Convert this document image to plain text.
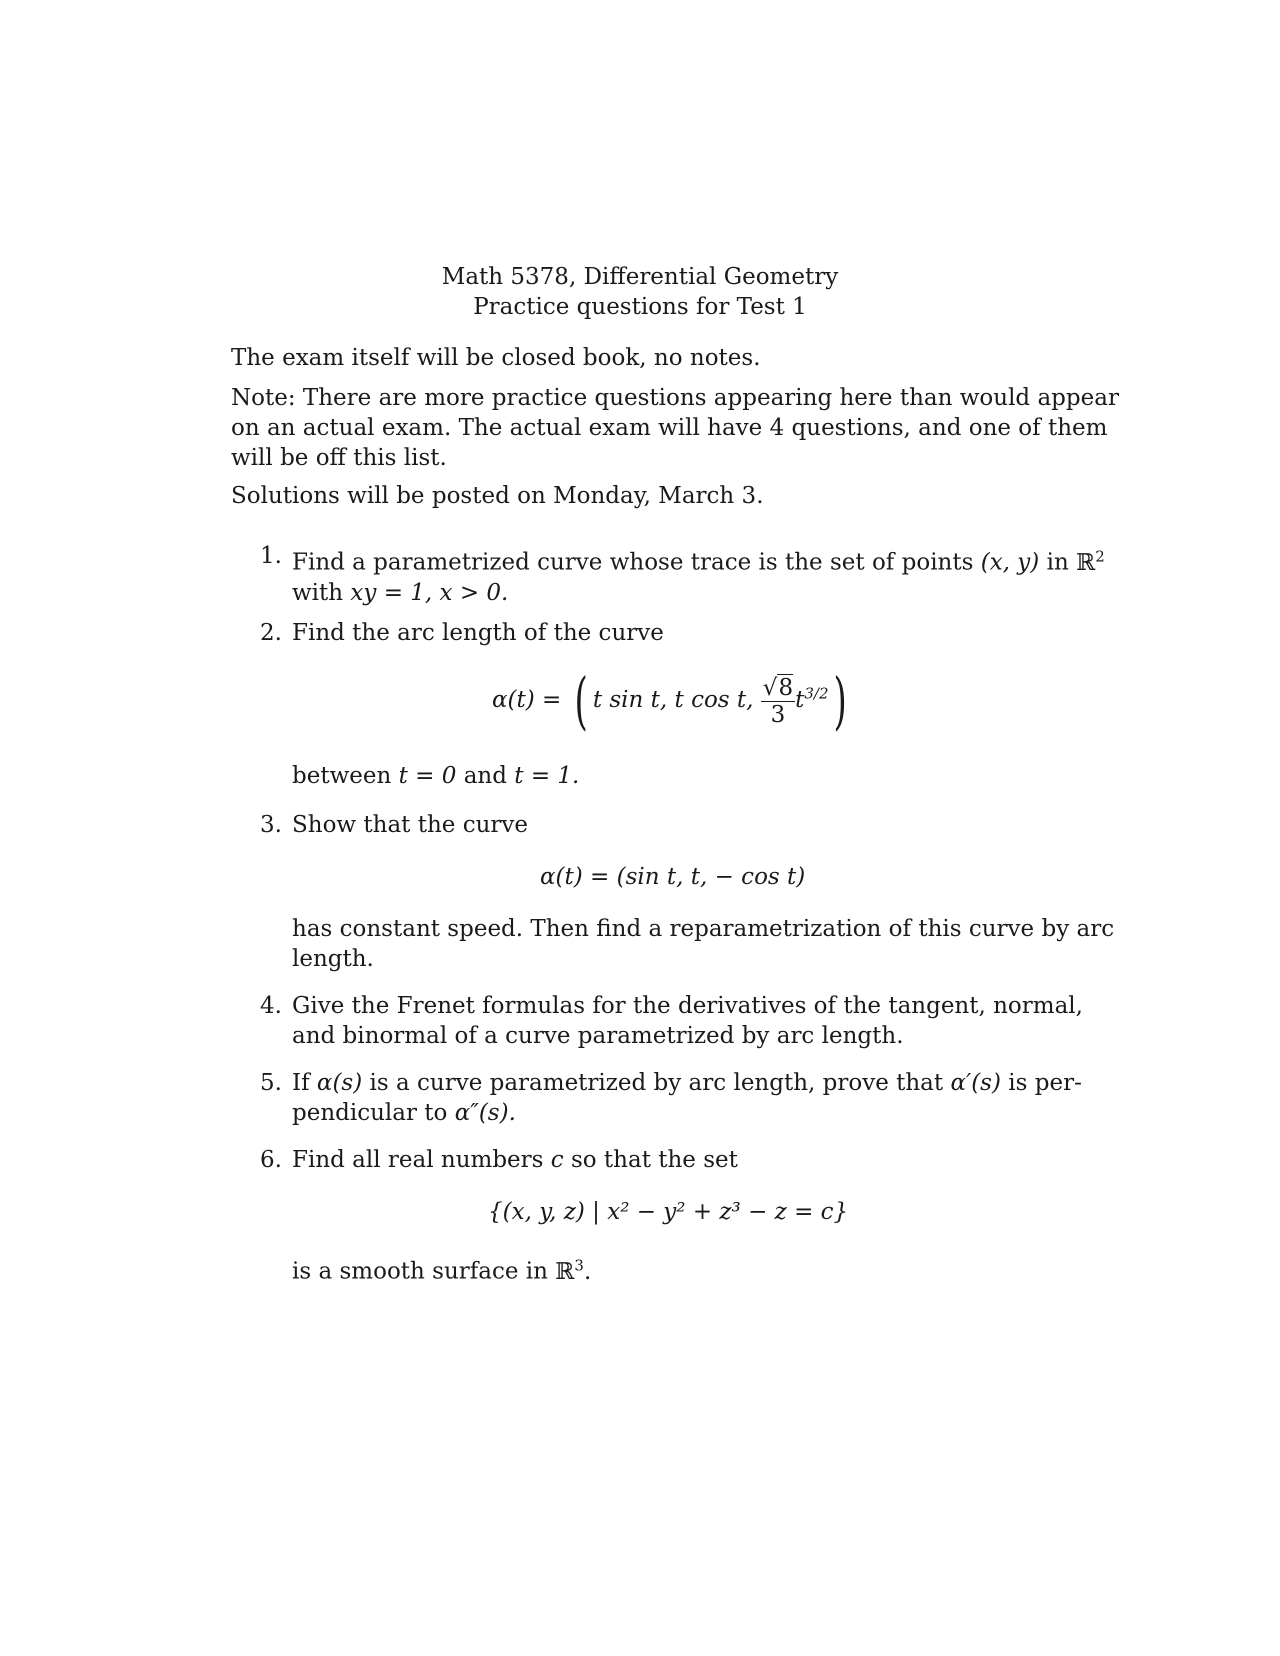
Math 5378, Differential Geometry
Practice questions for Test 1
The exam itself will be closed book, no notes.
Note: There are more practice questions appearing here than would appear
on an actual exam. The actual exam will have 4 questions, and one of them
will be off this list.
Solutions will be posted on Monday, March 3.
1. Find a parametrized curve whose trace is the set of points (x, y) in ℝ$^2$
with xy = 1, x > 0.
2. Find the arc length of the curve
α(t) = ( t sin t, t cos t, $\frac{√8}{3} t^{3/2}$)
between t = 0 and t = 1.
3. Show that the curve
α(t) = (sin t, t, − cos t)
has constant speed. Then find a reparametrization of this curve by arc
length.
4. Give the Frenet formulas for the derivatives of the tangent, normal,
and binormal of a curve parametrized by arc length.
5. If α(s) is a curve parametrized by arc length, prove that α′(s) is per-
pendicular to α″(s).
6. Find all real numbers c so that the set
{(x, y, z) | x² − y² + z³ − z = c}
is a smooth surface in ℝ$^3$.
